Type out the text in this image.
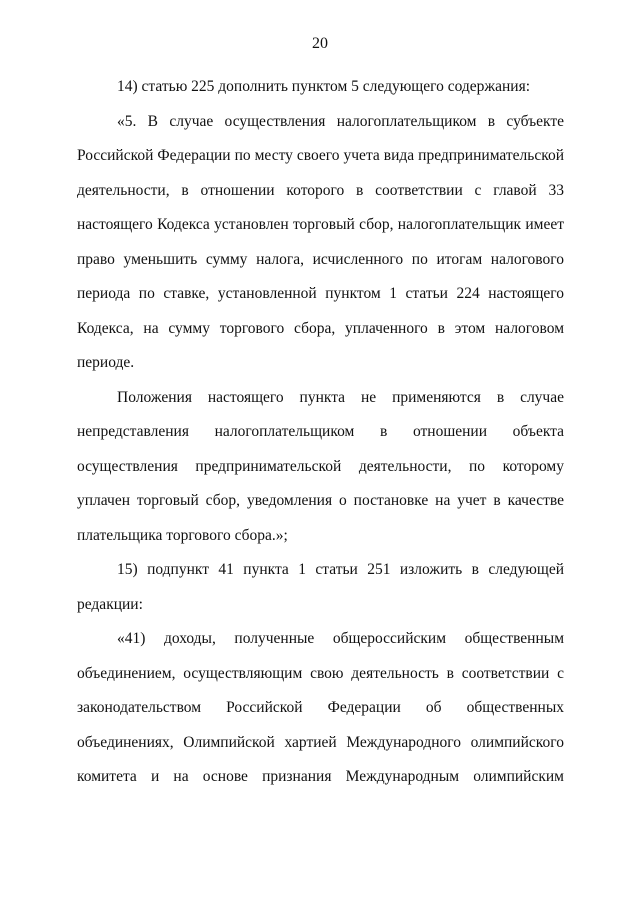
20

14) статью 225 дополнить пунктом 5 следующего содержания:

«5. В случае осуществления налогоплательщиком в субъекте Российской Федерации по месту своего учета вида предпринимательской деятельности, в отношении которого в соответствии с главой 33 настоящего Кодекса установлен торговый сбор, налогоплательщик имеет право уменьшить сумму налога, исчисленного по итогам налогового периода по ставке, установленной пунктом 1 статьи 224 настоящего Кодекса, на сумму торгового сбора, уплаченного в этом налоговом периоде.

Положения настоящего пункта не применяются в случае непредставления налогоплательщиком в отношении объекта осуществления предпринимательской деятельности, по которому уплачен торговый сбор, уведомления о постановке на учет в качестве плательщика торгового сбора.»;

15) подпункт 41 пункта 1 статьи 251 изложить в следующей редакции:

«41) доходы, полученные общероссийским общественным объединением, осуществляющим свою деятельность в соответствии с законодательством Российской Федерации об общественных объединениях, Олимпийской хартией Международного олимпийского комитета и на основе признания Международным олимпийским
